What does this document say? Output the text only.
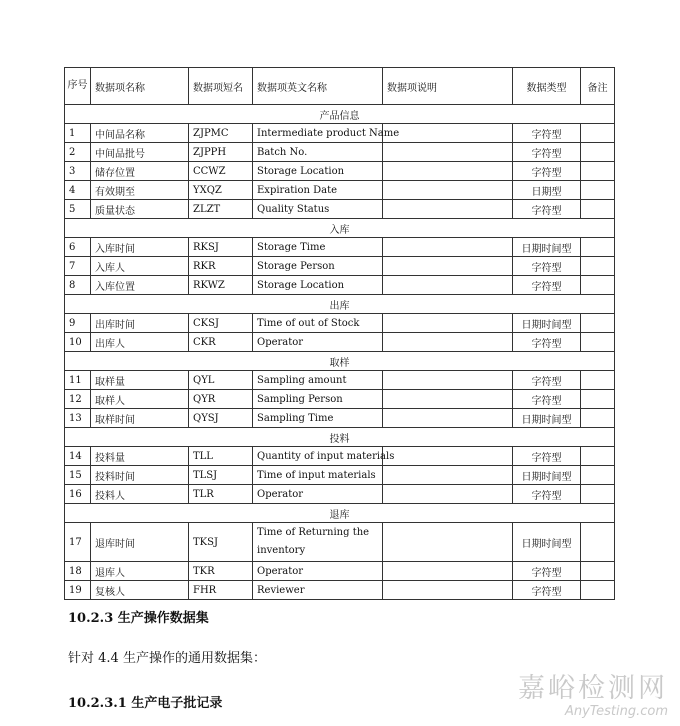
序号	数据项名称	数据项短名	数据项英文名称	数据项说明	数据类型	备注
产品信息						
1	中间品名称	ZJPMC	Intermediate product Name		字符型	
2	中间品批号	ZJPPH	Batch No.		字符型	
3	储存位置	CCWZ	Storage Location		字符型	
4	有效期至	YXQZ	Expiration Date		日期型	
5	质量状态	ZLZT	Quality Status		字符型	
入库						
6	入库时间	RKSJ	Storage Time		日期时间型	
7	入库人	RKR	Storage Person		字符型	
8	入库位置	RKWZ	Storage Location		字符型	
出库						
9	出库时间	CKSJ	Time of out of Stock		日期时间型	
10	出库人	CKR	Operator		字符型	
取样						
11	取样量	QYL	Sampling amount		字符型	
12	取样人	QYR	Sampling Person		字符型	
13	取样时间	QYSJ	Sampling Time		日期时间型	
投料						
14	投料量	TLL	Quantity of input materials		字符型	
15	投料时间	TLSJ	Time of input materials		日期时间型	
16	投料人	TLR	Operator		字符型	
退库						
17	退库时间	TKSJ	Time of Returning the inventory		日期时间型	
18	退库人	TKR	Operator		字符型	
19	复核人	FHR	Reviewer		字符型	
10.2.3 生产操作数据集
针对 4.4 生产操作的通用数据集：
10.2.3.1 生产电子批记录	嘉峪检测网
AnyTesting.com
